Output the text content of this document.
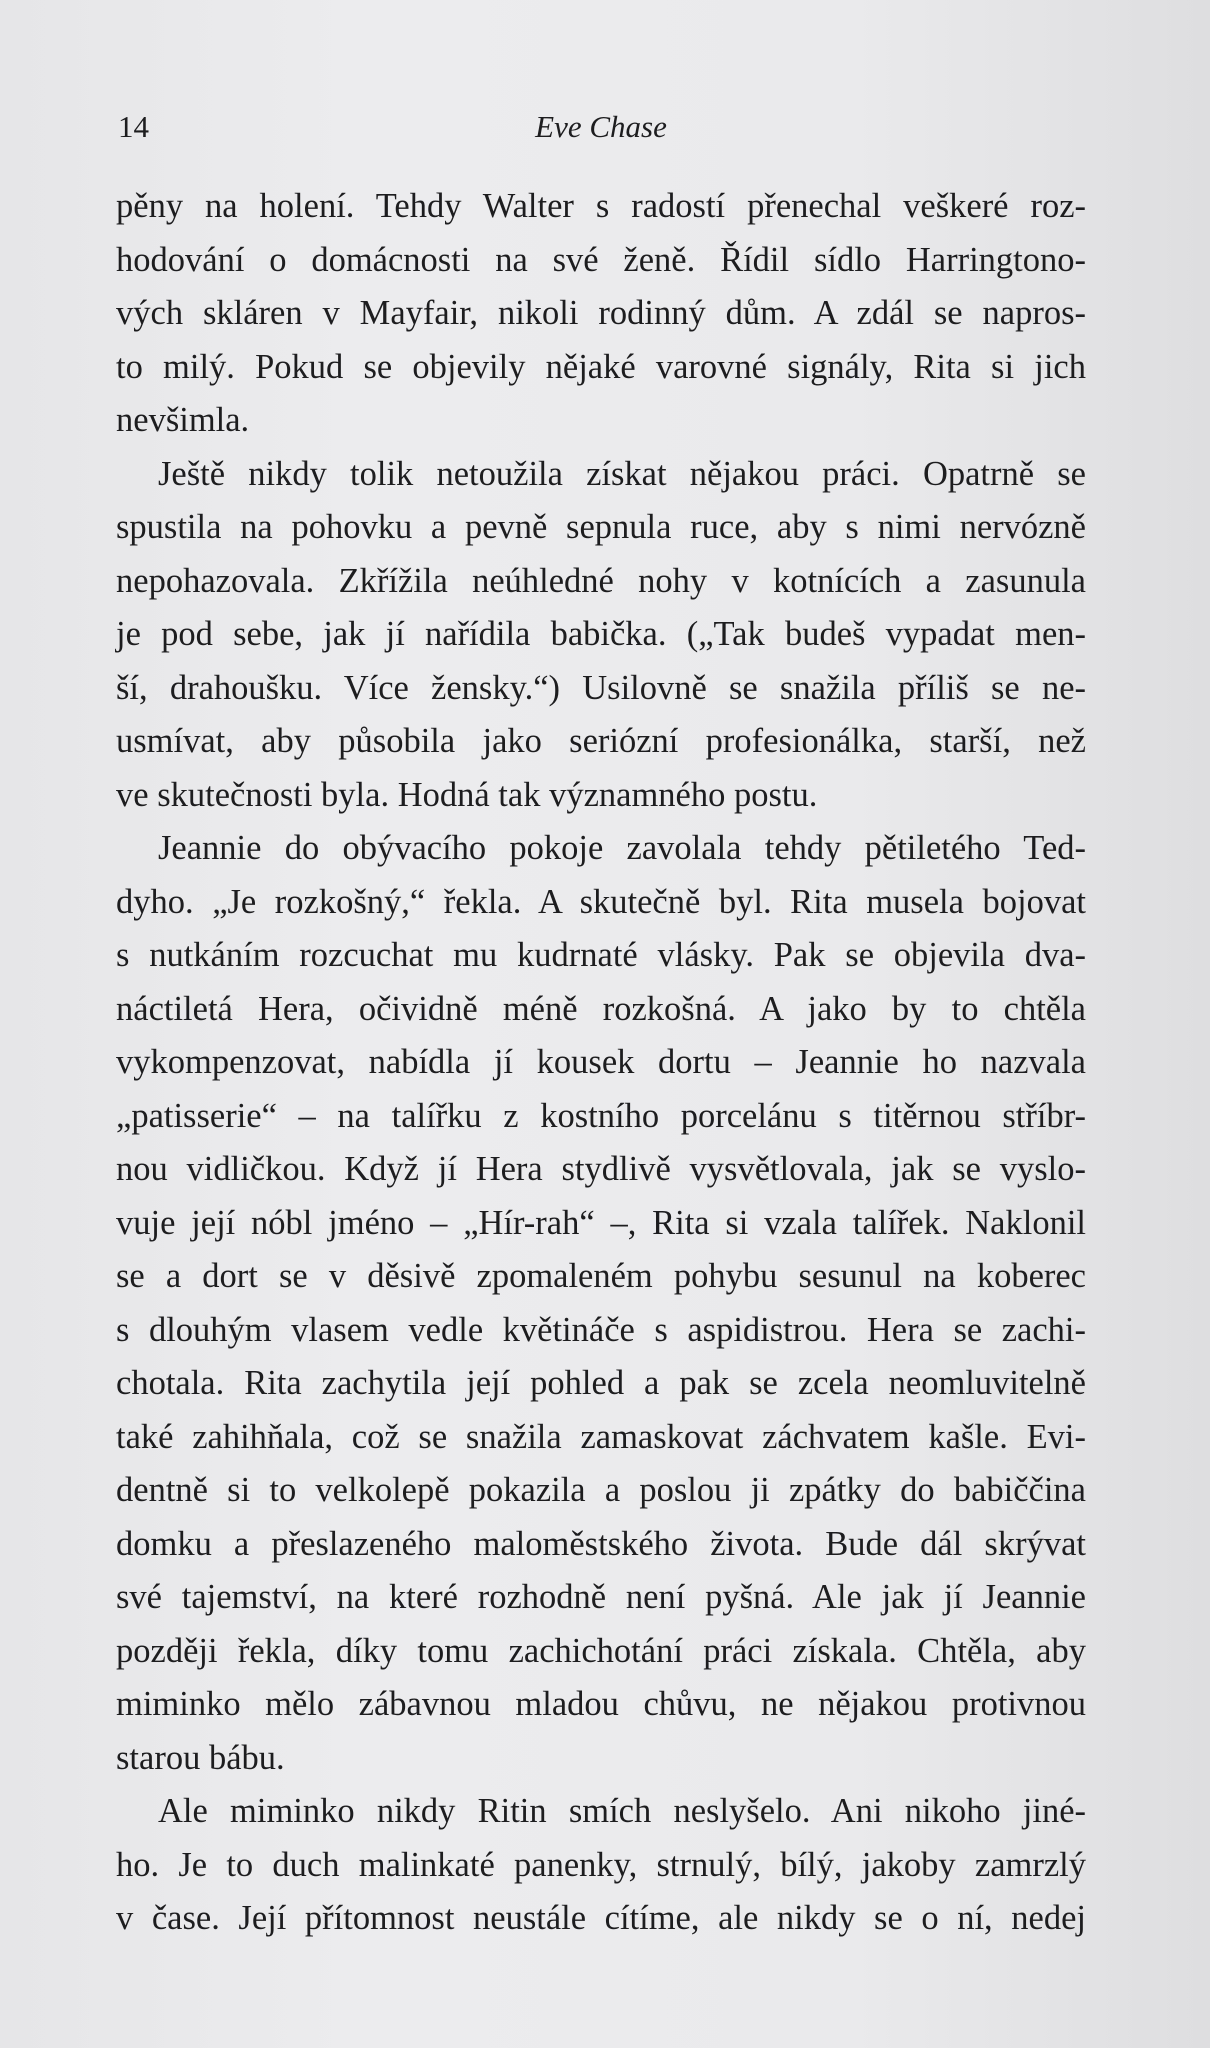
14	Eve Chase
pěny na holení. Tehdy Walter s radostí přenechal veškeré roz-
hodování o domácnosti na své ženě. Řídil sídlo Harringtono-
vých skláren v Mayfair, nikoli rodinný dům. A zdál se napros-
to milý. Pokud se objevily nějaké varovné signály, Rita si jich
nevšimla.
Ještě nikdy tolik netoužila získat nějakou práci. Opatrně se
spustila na pohovku a pevně sepnula ruce, aby s nimi nervózně
nepohazovala. Zkřížila neúhledné nohy v kotnících a zasunula
je pod sebe, jak jí nařídila babička. („Tak budeš vypadat men-
ší, drahoušku. Více žensky.“) Usilovně se snažila příliš se ne-
usmívat, aby působila jako seriózní profesionálka, starší, než
ve skutečnosti byla. Hodná tak významného postu.
Jeannie do obývacího pokoje zavolala tehdy pětiletého Ted-
dyho. „Je rozkošný,“ řekla. A skutečně byl. Rita musela bojovat
s nutkáním rozcuchat mu kudrnaté vlásky. Pak se objevila dva-
náctiletá Hera, očividně méně rozkošná. A jako by to chtěla
vykompenzovat, nabídla jí kousek dortu – Jeannie ho nazvala
„patisserie“ – na talířku z kostního porcelánu s titěrnou stříbr-
nou vidličkou. Když jí Hera stydlivě vysvětlovala, jak se vyslo-
vuje její nóbl jméno – „Hír-rah“ –, Rita si vzala talířek. Naklonil
se a dort se v děsivě zpomaleném pohybu sesunul na koberec
s dlouhým vlasem vedle květináče s aspidistrou. Hera se zachi-
chotala. Rita zachytila její pohled a pak se zcela neomluvitelně
také zahihňala, což se snažila zamaskovat záchvatem kašle. Evi-
dentně si to velkolepě pokazila a poslou ji zpátky do babiččina
domku a přeslazeného maloměstského života. Bude dál skrývat
své tajemství, na které rozhodně není pyšná. Ale jak jí Jeannie
později řekla, díky tomu zachichotání práci získala. Chtěla, aby
miminko mělo zábavnou mladou chůvu, ne nějakou protivnou
starou bábu.
Ale miminko nikdy Ritin smích neslyšelo. Ani nikoho jiné-
ho. Je to duch malinkaté panenky, strnulý, bílý, jakoby zamrzlý
v čase. Její přítomnost neustále cítíme, ale nikdy se o ní, nedej
